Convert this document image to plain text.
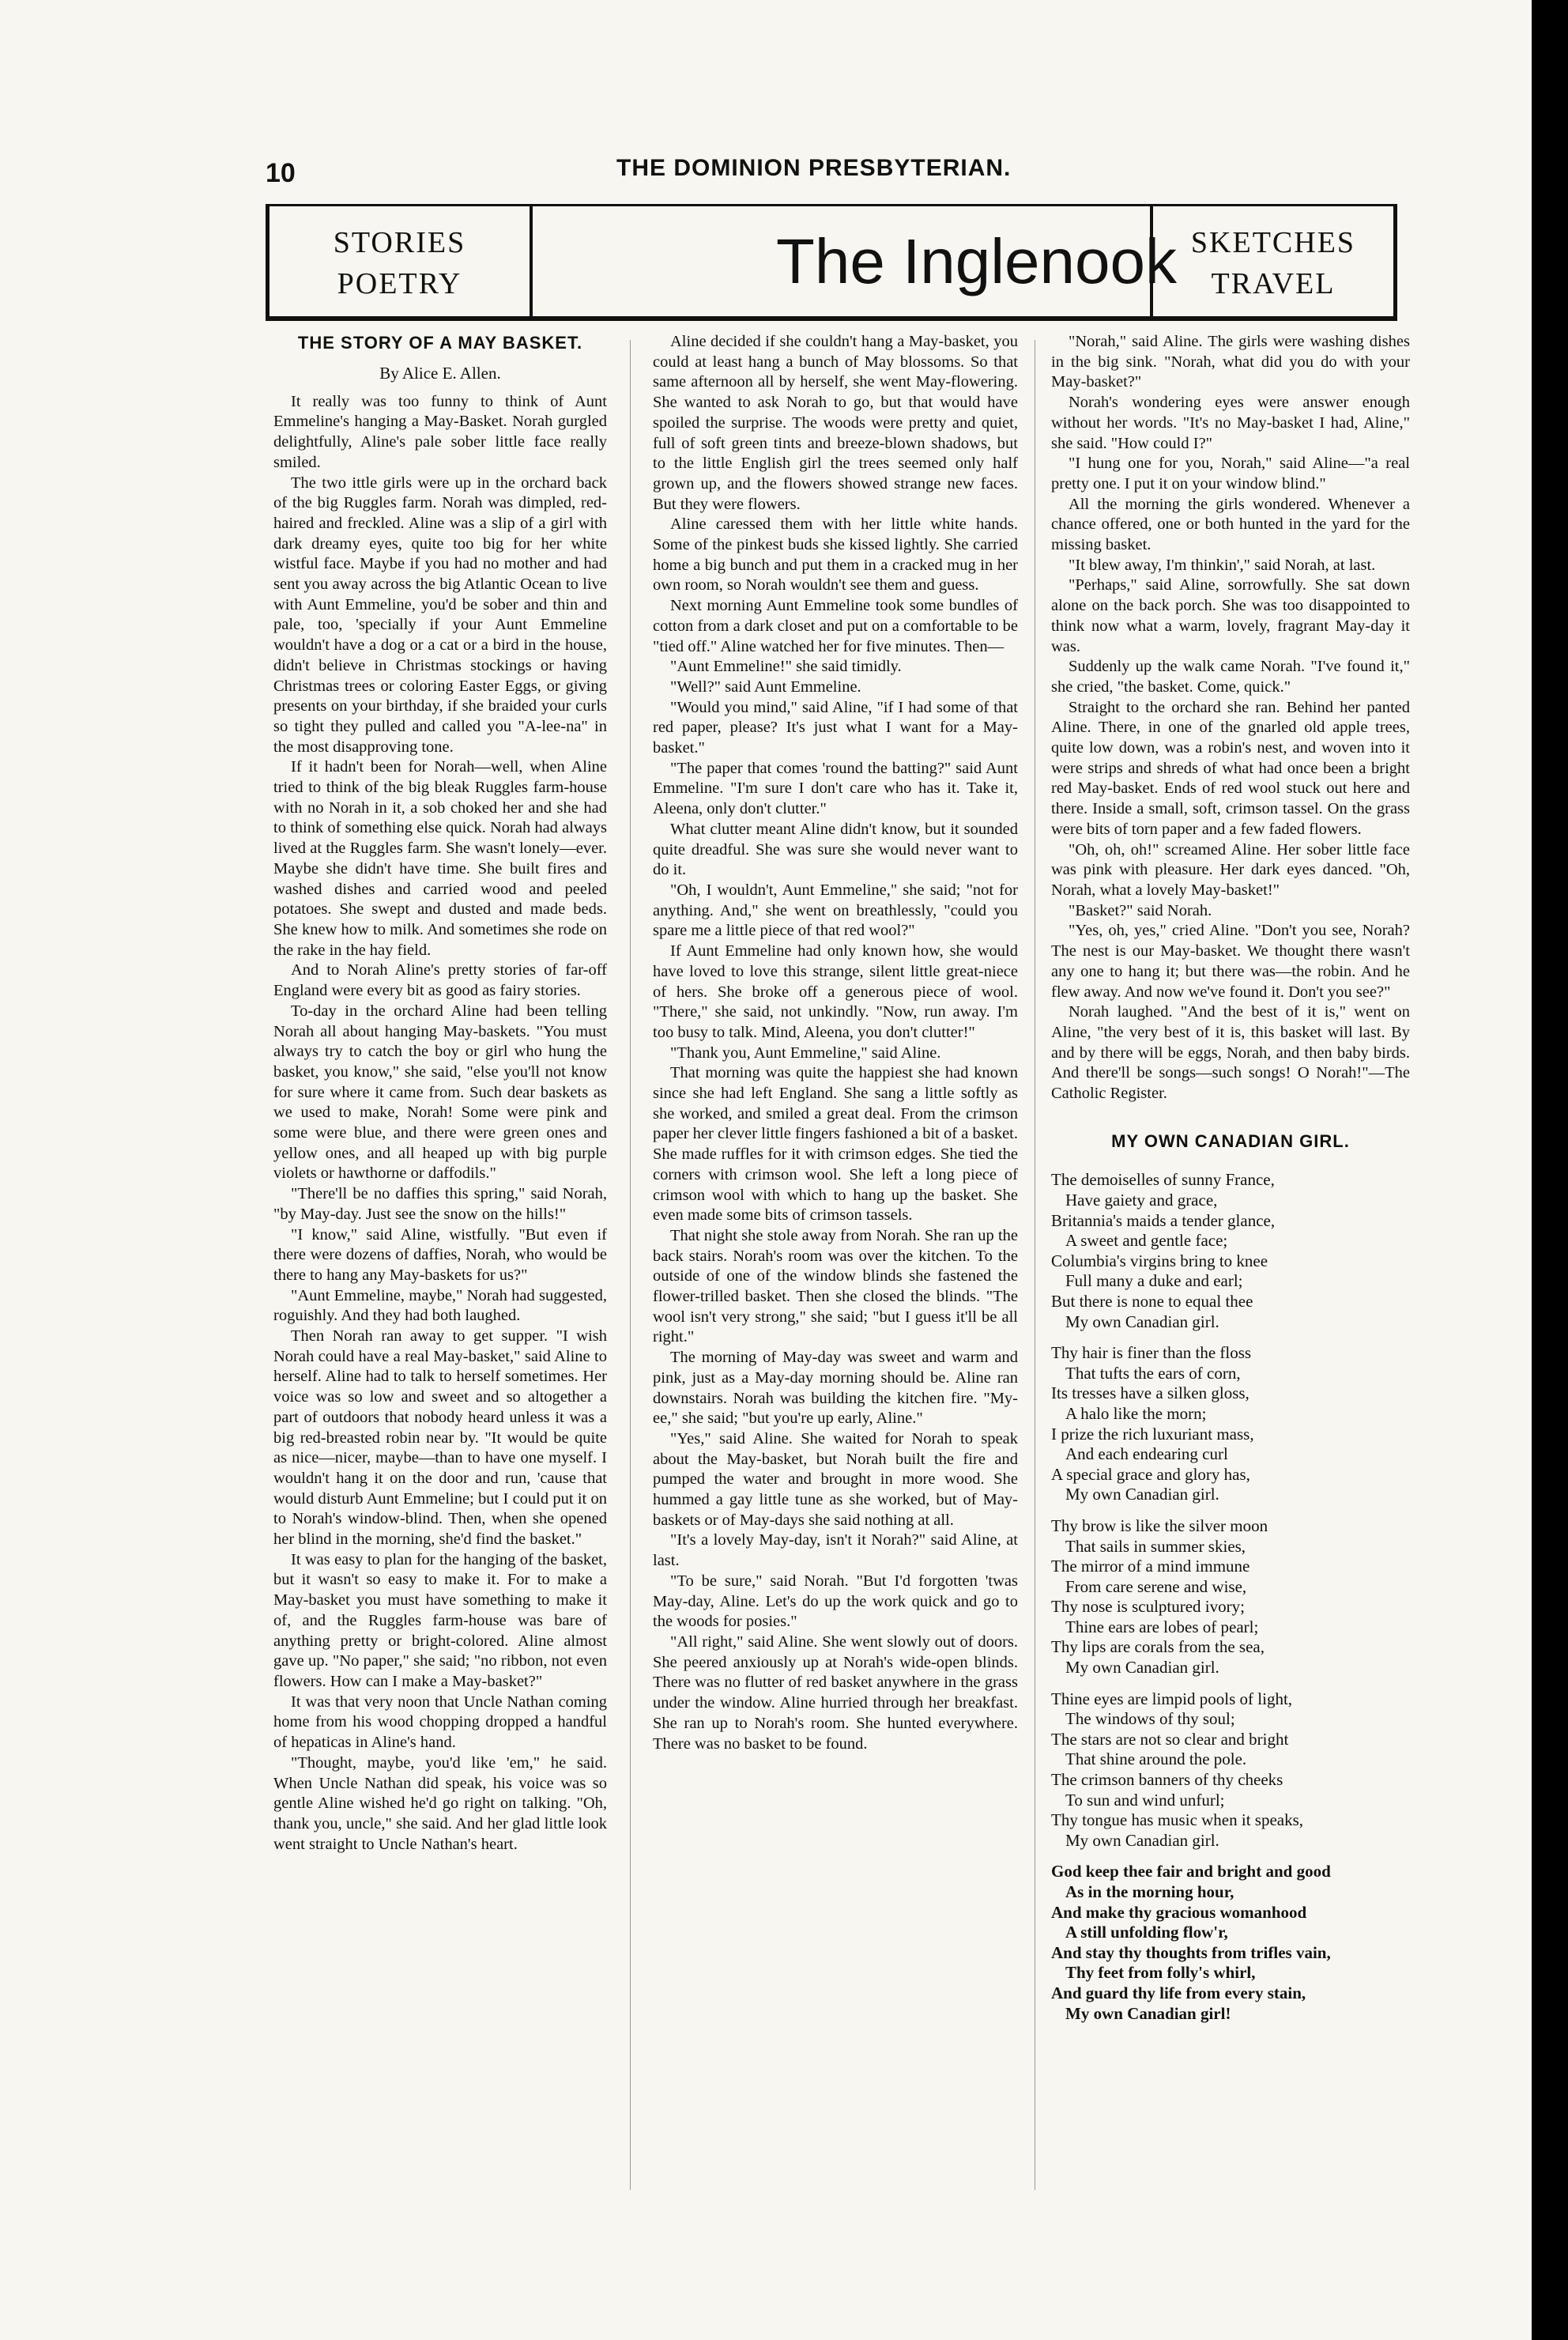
10	THE DOMINION PRESBYTERIAN.
STORIES
POETRY	The Inglenook SKETCHES
TRAVEL
THE STORY OF A MAY BASKET.
By Alice E. Allen.

It really was too funny to think of Aunt Emmeline's hanging a May-Basket. Norah gurgled delightfully, Aline's pale sober little face really smiled.

The two ittle girls were up in the orchard back of the big Ruggles farm. Norah was dimpled, red-haired and freckled. Aline was a slip of a girl with dark dreamy eyes, quite too big for her white wistful face. Maybe if you had no mother and had sent you away across the big Atlantic Ocean to live with Aunt Emmeline, you'd be sober and thin and pale, too, 'specially if your Aunt Emmeline wouldn't have a dog or a cat or a bird in the house, didn't believe in Christmas stockings or having Christmas trees or coloring Easter Eggs, or giving presents on your birthday, if she braided your curls so tight they pulled and called you "A-lee-na" in the most disapproving tone.

If it hadn't been for Norah—well, when Aline tried to think of the big bleak Ruggles farm-house with no Norah in it, a sob choked her and she had to think of something else quick. Norah had always lived at the Ruggles farm. She wasn't lonely—ever. Maybe she didn't have time. She built fires and washed dishes and carried wood and peeled potatoes. She swept and dusted and made beds. She knew how to milk. And sometimes she rode on the rake in the hay field.

And to Norah Aline's pretty stories of far-off England were every bit as good as fairy stories.

To-day in the orchard Aline had been telling Norah all about hanging May-baskets. "You must always try to catch the boy or girl who hung the basket, you know," she said, "else you'll not know for sure where it came from. Such dear baskets as we used to make, Norah! Some were pink and some were blue, and there were green ones and yellow ones, and all heaped up with big purple violets or hawthorne or daffodils."

"There'll be no daffies this spring," said Norah, "by May-day. Just see the snow on the hills!"

"I know," said Aline, wistfully. "But even if there were dozens of daffies, Norah, who would be there to hang any May-baskets for us?"

"Aunt Emmeline, maybe," Norah had suggested, roguishly. And they had both laughed.

Then Norah ran away to get supper. "I wish Norah could have a real May-basket," said Aline to herself. Aline had to talk to herself sometimes. Her voice was so low and sweet and so altogether a part of outdoors that nobody heard unless it was a big red-breasted robin near by. "It would be quite as nice—nicer, maybe—than to have one myself. I wouldn't hang it on the door and run, 'cause that would disturb Aunt Emmeline; but I could put it on to Norah's window-blind. Then, when she opened her blind in the morning, she'd find the basket."

It was easy to plan for the hanging of the basket, but it wasn't so easy to make it. For to make a May-basket you must have something to make it of, and the Ruggles farm-house was bare of anything pretty or bright-colored. Aline almost gave up. "No paper," she said; "no ribbon, not even flowers. How can I make a May-basket?"

It was that very noon that Uncle Nathan coming home from his wood chopping dropped a handful of hepaticas in Aline's hand.

"Thought, maybe, you'd like 'em," he said. When Uncle Nathan did speak, his voice was so gentle Aline wished he'd go right on talking. "Oh, thank you, uncle," she said. And her glad little look went straight to Uncle Nathan's heart.

Aline decided if she couldn't hang a May-basket, you could at least hang a bunch of May blossoms. So that same afternoon all by herself, she went May-flowering. She wanted to ask Norah to go, but that would have spoiled the surprise. The woods were pretty and quiet, full of soft green tints and breeze-blown shadows, but to the little English girl the trees seemed only half grown up, and the flowers showed strange new faces. But they were flowers.

Aline caressed them with her little white hands. Some of the pinkest buds she kissed lightly. She carried home a big bunch and put them in a cracked mug in her own room, so Norah wouldn't see them and guess.

Next morning Aunt Emmeline took some bundles of cotton from a dark closet and put on a comfortable to be "tied off." Aline watched her for five minutes. Then—

"Aunt Emmeline!" she said timidly.

"Well?" said Aunt Emmeline.

"Would you mind," said Aline, "if I had some of that red paper, please? It's just what I want for a May-basket."

"The paper that comes 'round the batting?" said Aunt Emmeline. "I'm sure I don't care who has it. Take it, Aleena, only don't clutter."

What clutter meant Aline didn't know, but it sounded quite dreadful. She was sure she would never want to do it.

"Oh, I wouldn't, Aunt Emmeline," she said; "not for anything. And," she went on breathlessly, "could you spare me a little piece of that red wool?"

If Aunt Emmeline had only known how, she would have loved to love this strange, silent little great-niece of hers. She broke off a generous piece of wool. "There," she said, not unkindly. "Now, run away. I'm too busy to talk. Mind, Aleena, you don't clutter!"

"Thank you, Aunt Emmeline," said Aline.

That morning was quite the happiest she had known since she had left England. She sang a little softly as she worked, and smiled a great deal. From the crimson paper her clever little fingers fashioned a bit of a basket. She made ruffles for it with crimson edges. She tied the corners with crimson wool. She left a long piece of crimson wool with which to hang up the basket. She even made some bits of crimson tassels.

That night she stole away from Norah. She ran up the back stairs. Norah's room was over the kitchen. To the outside of one of the window blinds she fastened the flower-trilled basket. Then she closed the blinds. "The wool isn't very strong," she said; "but I guess it'll be all right."

The morning of May-day was sweet and warm and pink, just as a May-day morning should be. Aline ran downstairs. Norah was building the kitchen fire. "My-ee," she said; "but you're up early, Aline."

"Yes," said Aline. She waited for Norah to speak about the May-basket, but Norah built the fire and pumped the water and brought in more wood. She hummed a gay little tune as she worked, but of May-baskets or of May-days she said nothing at all.

"It's a lovely May-day, isn't it Norah?" said Aline, at last.

"To be sure," said Norah. "But I'd forgotten 'twas May-day, Aline. Let's do up the work quick and go to the woods for posies."

"All right," said Aline. She went slowly out of doors. She peered anxiously up at Norah's wide-open blinds. There was no flutter of red basket anywhere in the grass under the window. Aline hurried through her breakfast. She ran up to Norah's room. She hunted everywhere. There was no basket to be found.

"Norah," said Aline. The girls were washing dishes in the big sink. "Norah, what did you do with your May-basket?"

Norah's wondering eyes were answer enough without her words. "It's no May-basket I had, Aline," she said. "How could I?"

"I hung one for you, Norah," said Aline—"a real pretty one. I put it on your window blind."

All the morning the girls wondered. Whenever a chance offered, one or both hunted in the yard for the missing basket.

"It blew away, I'm thinkin'," said Norah, at last.

"Perhaps," said Aline, sorrowfully. She sat down alone on the back porch. She was too disappointed to think now what a warm, lovely, fragrant May-day it was.

Suddenly up the walk came Norah. "I've found it," she cried, "the basket. Come, quick."

Straight to the orchard she ran. Behind her panted Aline. There, in one of the gnarled old apple trees, quite low down, was a robin's nest, and woven into it were strips and shreds of what had once been a bright red May-basket. Ends of red wool stuck out here and there. Inside a small, soft, crimson tassel. On the grass were bits of torn paper and a few faded flowers.

"Oh, oh, oh!" screamed Aline. Her sober little face was pink with pleasure. Her dark eyes danced. "Oh, Norah, what a lovely May-basket!"

"Basket?" said Norah.

"Yes, oh, yes," cried Aline. "Don't you see, Norah? The nest is our May-basket. We thought there wasn't any one to hang it; but there was—the robin. And he flew away. And now we've found it. Don't you see?"

Norah laughed. "And the best of it is," went on Aline, "the very best of it is, this basket will last. By and by there will be eggs, Norah, and then baby birds. And there'll be songs—such songs! O Norah!"—The Catholic Register.

MY OWN CANADIAN GIRL.
The demoiselles of sunny France,
Have gaiety and grace,
Britannia's maids a tender glance,
A sweet and gentle face;
Columbia's virgins bring to knee
Full many a duke and earl;
But there is none to equal thee
My own Canadian girl.
Thy hair is finer than the floss
That tufts the ears of corn,
Its tresses have a silken gloss,
A halo like the morn;
I prize the rich luxuriant mass,
And each endearing curl
A special grace and glory has,
My own Canadian girl.
Thy brow is like the silver moon
That sails in summer skies,
The mirror of a mind immune
From care serene and wise,
Thy nose is sculptured ivory;
Thine ears are lobes of pearl;
Thy lips are corals from the sea,
My own Canadian girl.
Thine eyes are limpid pools of light,
The windows of thy soul;
The stars are not so clear and bright
That shine around the pole.
The crimson banners of thy cheeks
To sun and wind unfurl;
Thy tongue has music when it speaks,
My own Canadian girl.
God keep thee fair and bright and good
As in the morning hour,
And make thy gracious womanhood
A still unfolding flow'r,
And stay thy thoughts from trifles vain,
Thy feet from folly's whirl,
And guard thy life from every stain,
My own Canadian girl!
